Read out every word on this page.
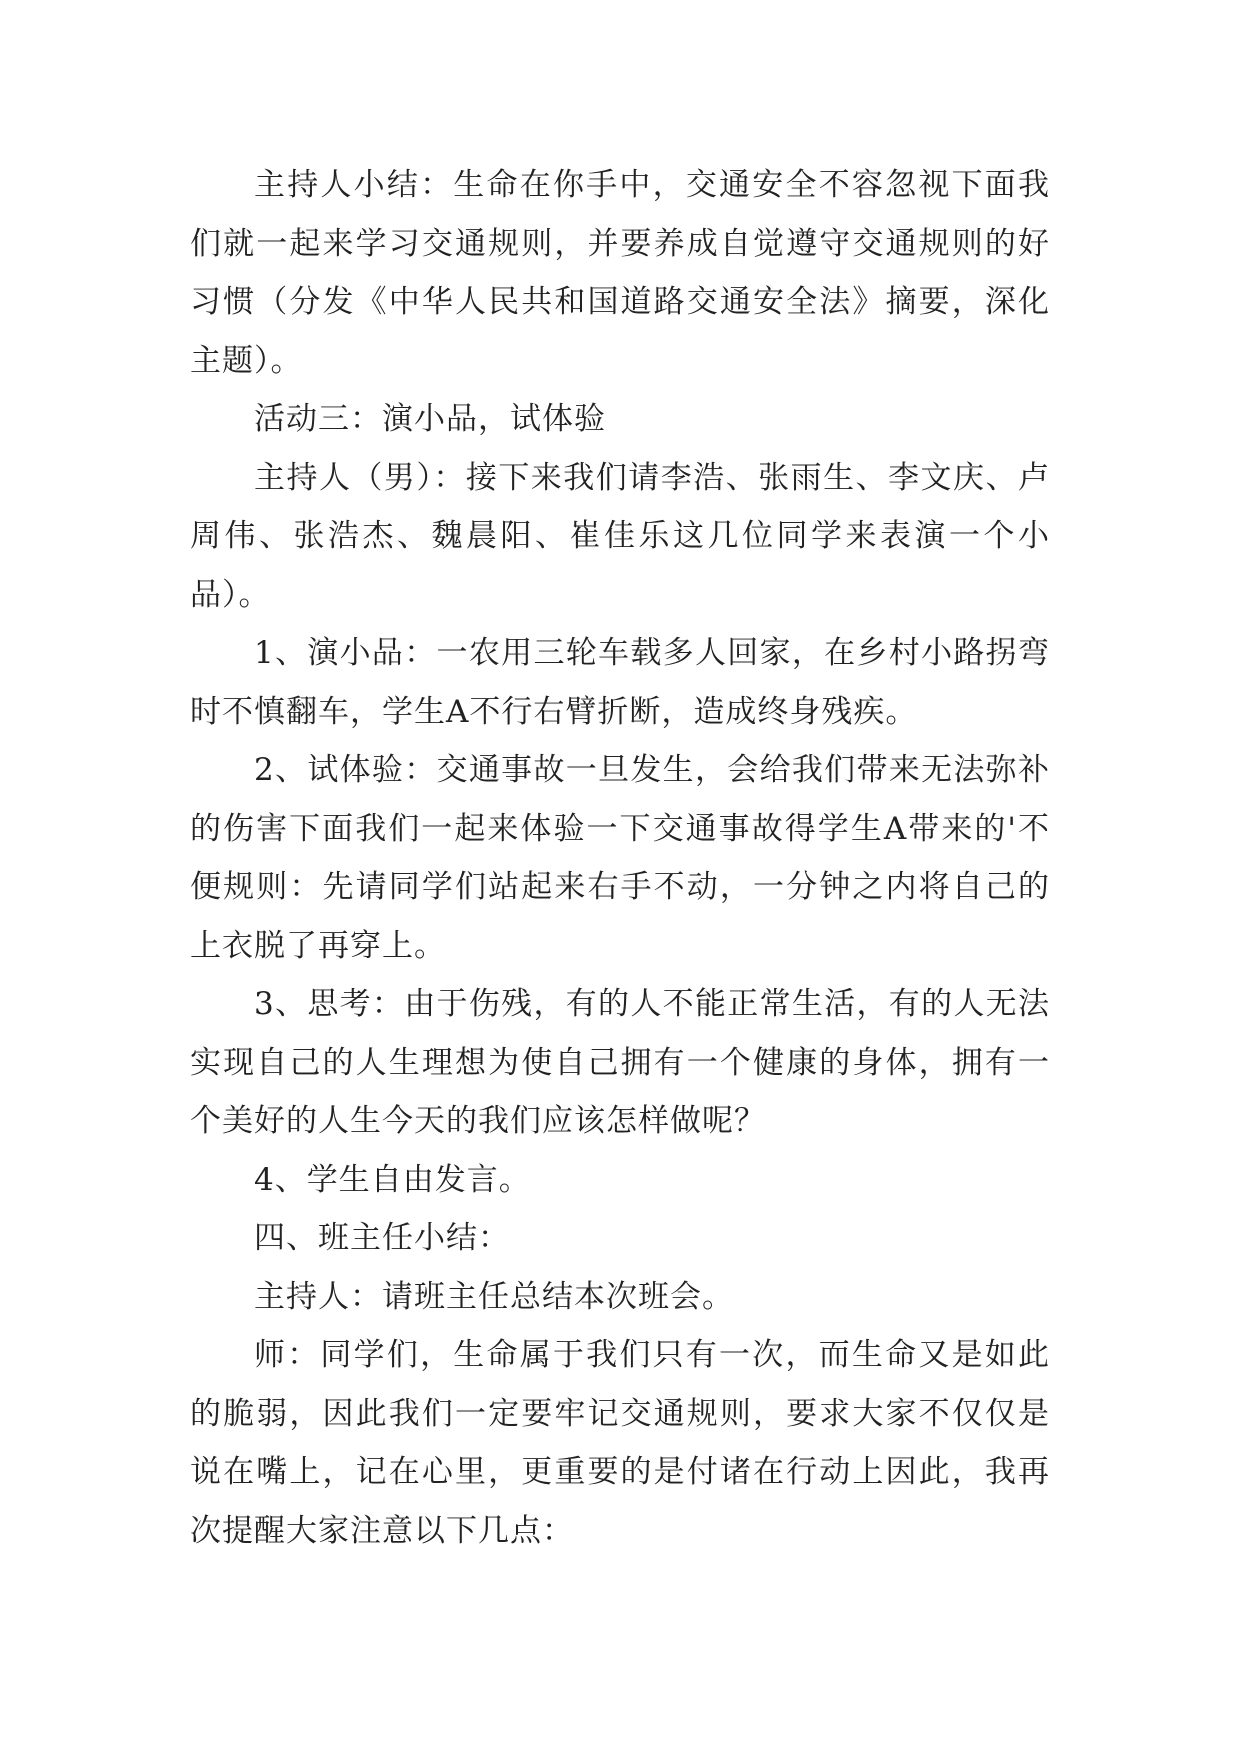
主持人小结：生命在你手中，交通安全不容忽视下面我们就一起来学习交通规则，并要养成自觉遵守交通规则的好习惯（分发《中华人民共和国道路交通安全法》摘要，深化主题）。

活动三：演小品，试体验

主持人（男）：接下来我们请李浩、张雨生、李文庆、卢周伟、张浩杰、魏晨阳、崔佳乐这几位同学来表演一个小品）。

1、演小品：一农用三轮车载多人回家，在乡村小路拐弯时不慎翻车，学生A不行右臂折断，造成终身残疾。

2、试体验：交通事故一旦发生，会给我们带来无法弥补的伤害下面我们一起来体验一下交通事故得学生A带来的'不便规则：先请同学们站起来右手不动，一分钟之内将自己的上衣脱了再穿上。

3、思考：由于伤残，有的人不能正常生活，有的人无法实现自己的人生理想为使自己拥有一个健康的身体，拥有一个美好的人生今天的我们应该怎样做呢？

4、学生自由发言。

四、班主任小结：

主持人：请班主任总结本次班会。

师：同学们，生命属于我们只有一次，而生命又是如此的脆弱，因此我们一定要牢记交通规则，要求大家不仅仅是说在嘴上，记在心里，更重要的是付诸在行动上因此，我再次提醒大家注意以下几点：
